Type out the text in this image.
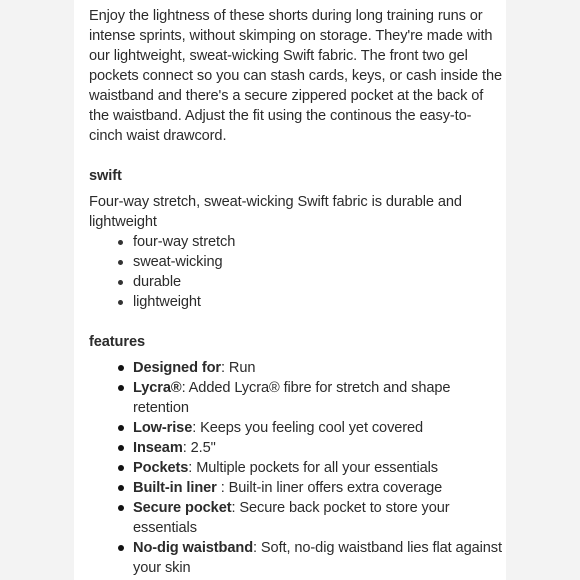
Enjoy the lightness of these shorts during long training runs or intense sprints, without skimping on storage. They're made with our lightweight, sweat-wicking Swift fabric. The front two gel pockets connect so you can stash cards, keys, or cash inside the waistband and there's a secure zippered pocket at the back of the waistband. Adjust the fit using the continous the easy-to-cinch waist drawcord.

swift

Four-way stretch, sweat-wicking Swift fabric is durable and lightweight

four-way stretch
sweat-wicking
durable
lightweight
features
Designed for: Run
Lycra®: Added Lycra® fibre for stretch and shape retention
Low-rise: Keeps you feeling cool yet covered
Inseam: 2.5"
Pockets: Multiple pockets for all your essentials
Built-in liner : Built-in liner offers extra coverage
Secure pocket: Secure back pocket to store your essentials
No-dig waistband: Soft, no-dig waistband lies flat against your skin
